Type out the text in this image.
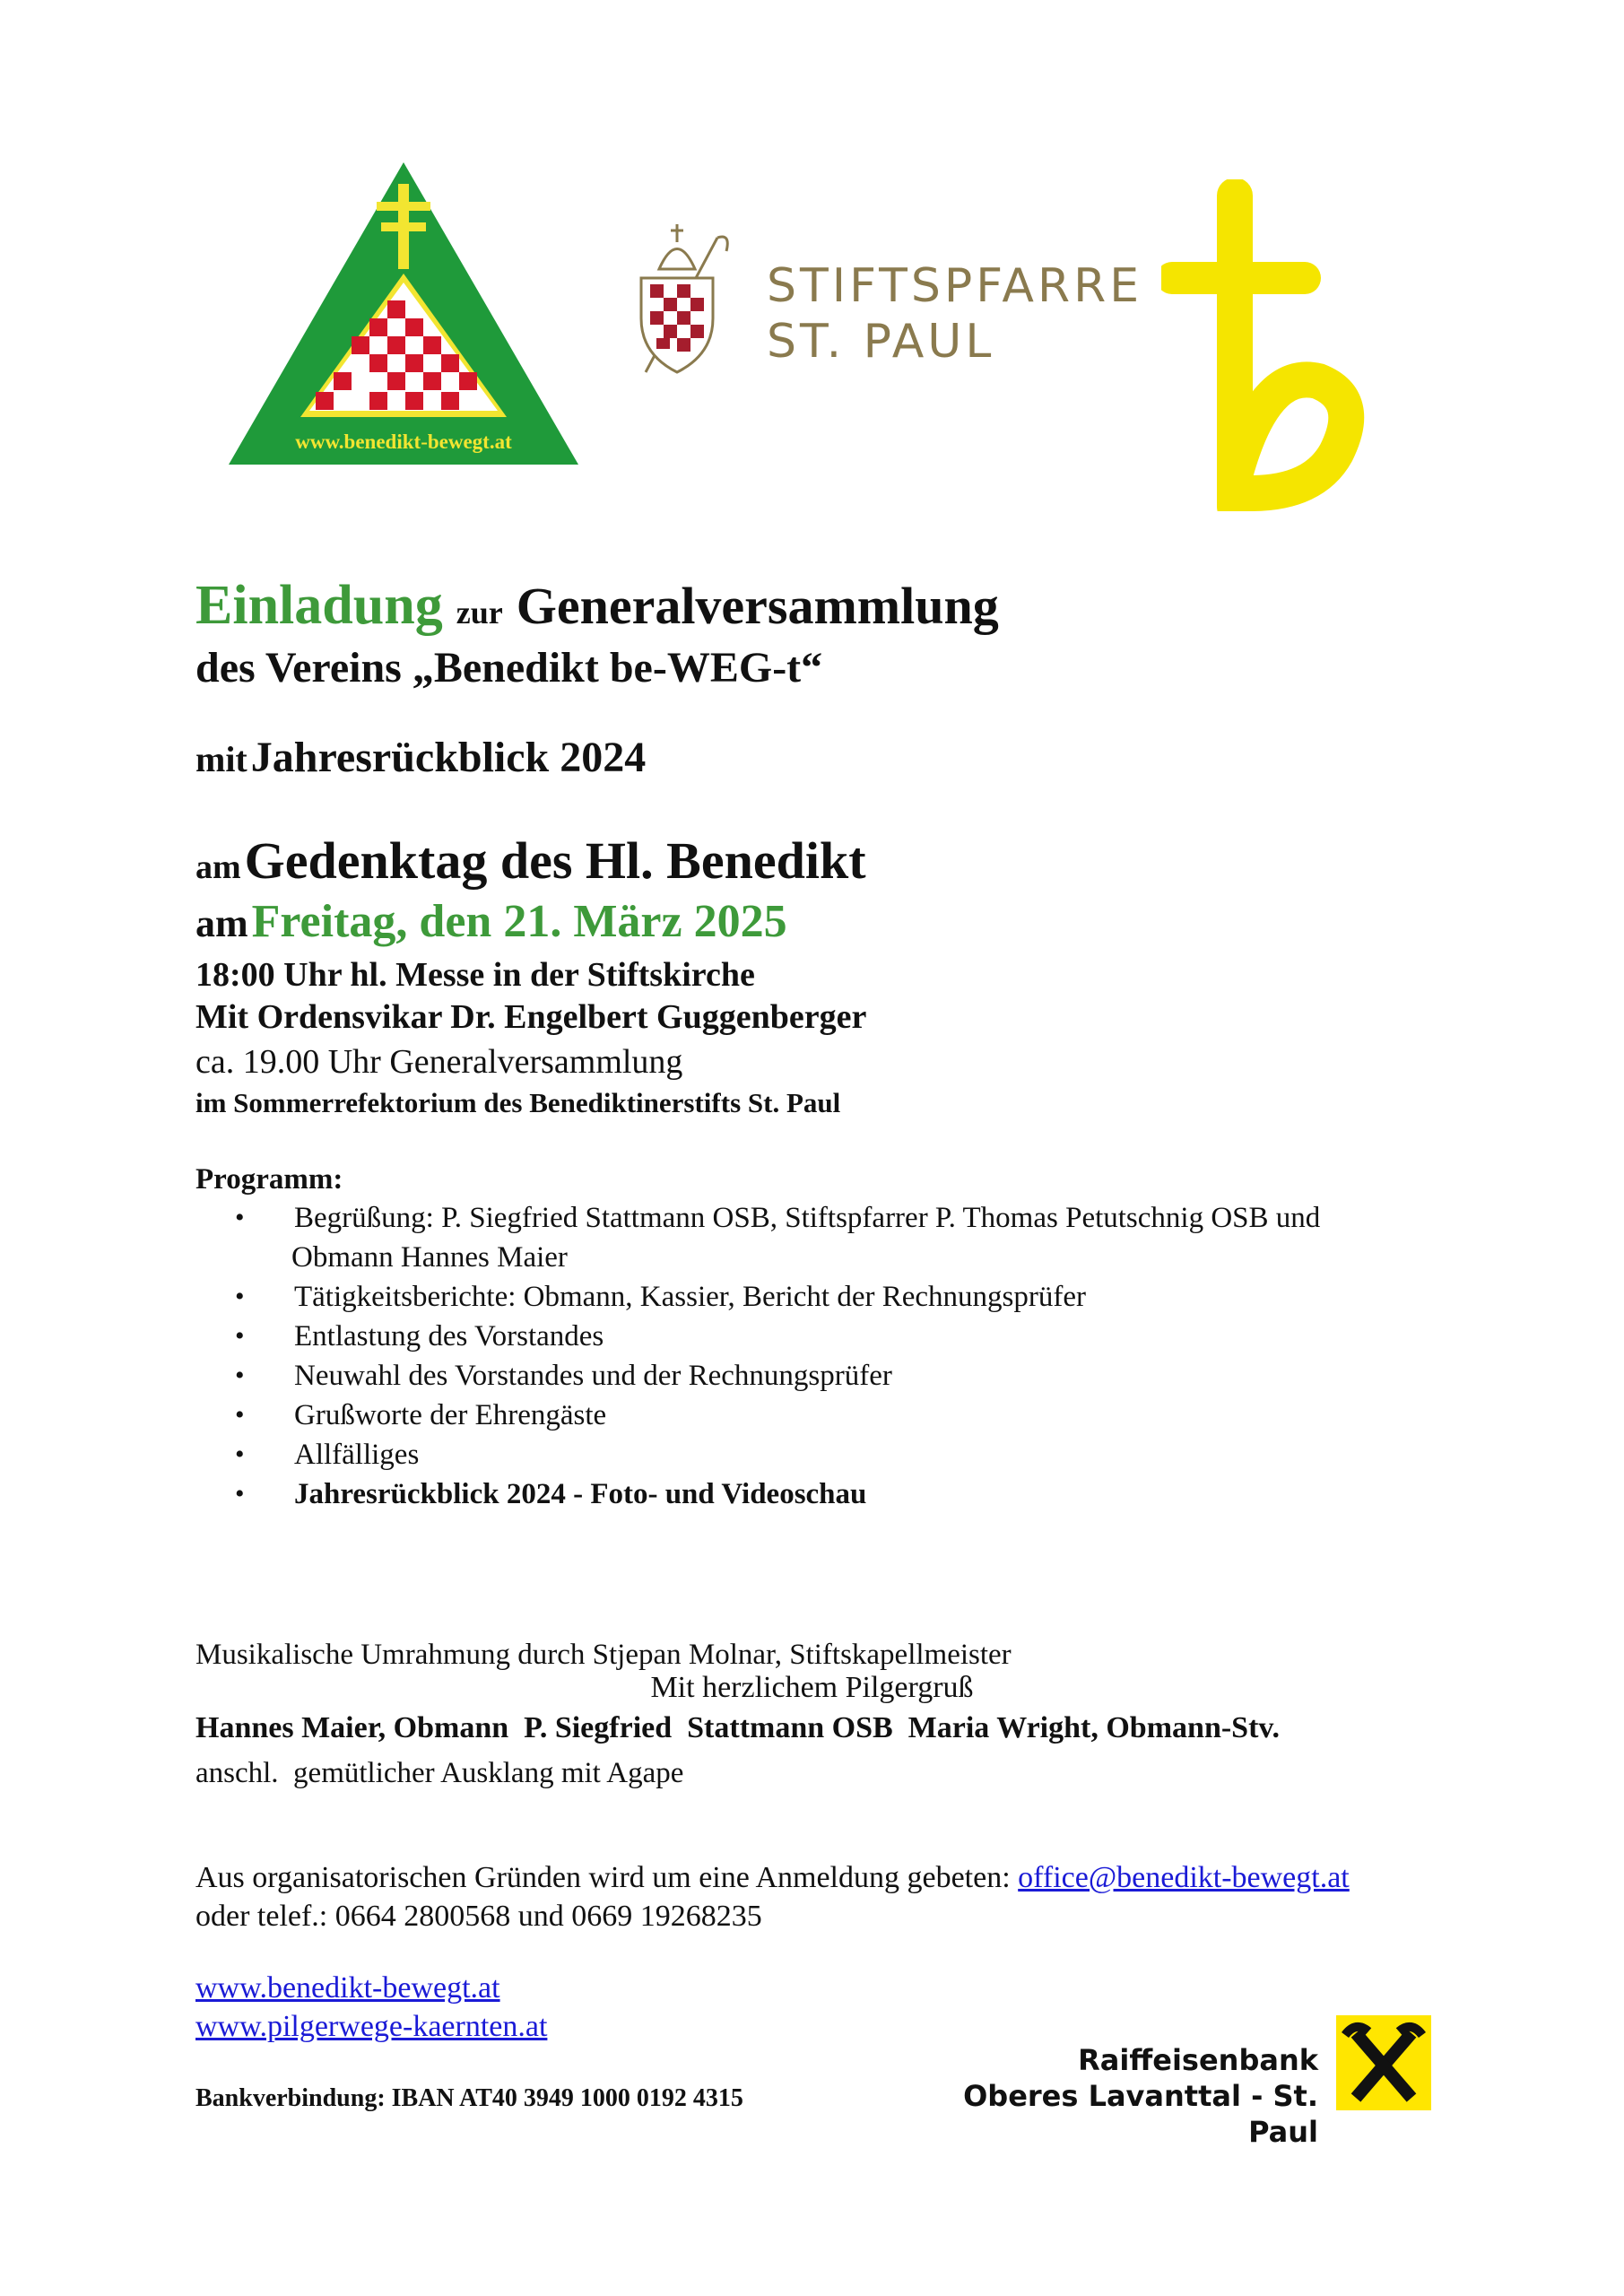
www.benedikt-bewegt.at
STIFTSPFARRE
ST. PAUL
Einladung zur Generalversammlung
des Vereins „Benedikt be-WEG-t“
mit Jahresrückblick 2024
am Gedenktag des Hl. Benedikt
am Freitag, den 21. März 2025
18:00 Uhr hl. Messe in der Stiftskirche
Mit Ordensvikar Dr. Engelbert Guggenberger
ca. 19.00 Uhr Generalversammlung
im Sommerrefektorium des Benediktinerstifts St. Paul
Programm:
• Begrüßung: P. Siegfried Stattmann OSB, Stiftspfarrer P. Thomas Petutschnig OSB und
Obmann Hannes Maier
• Tätigkeitsberichte: Obmann, Kassier, Bericht der Rechnungsprüfer
• Entlastung des Vorstandes
• Neuwahl des Vorstandes und der Rechnungsprüfer
• Grußworte der Ehrengäste
• Allfälliges
• Jahresrückblick 2024 - Foto- und Videoschau

Musikalische Umrahmung durch Stjepan Molnar, Stiftskapellmeister

anschl.  gemütlicher Ausklang mit Agape

Mit herzlichem Pilgergruß
Hannes Maier, Obmann  P. Siegfried  Stattmann OSB  Maria Wright, Obmann-Stv.
Aus organisatorischen Gründen wird um eine Anmeldung gebeten: office@benedikt-bewegt.at
oder telef.: 0664 2800568 und 0669 19268235
www.benedikt-bewegt.at
www.pilgerwege-kaernten.at
Bankverbindung: IBAN AT40 3949 1000 0192 4315
Raiffeisenbank
Oberes Lavanttal - St. Paul
